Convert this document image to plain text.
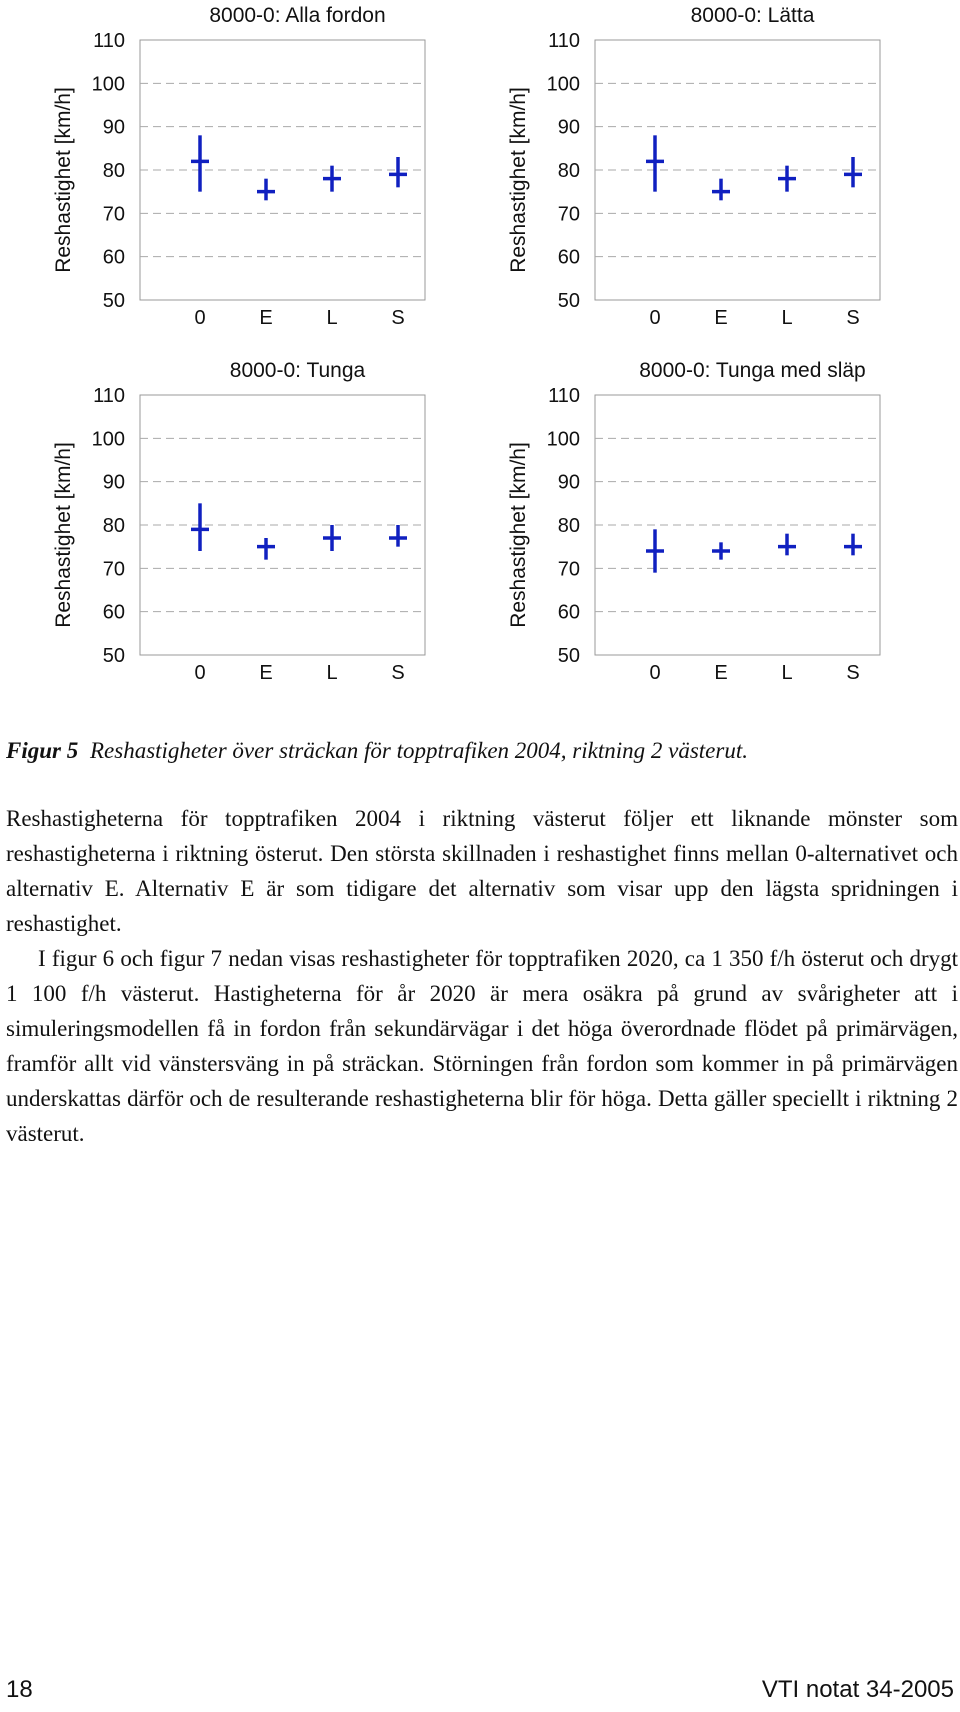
50
60
70
80
90
100
110
0	E	L	S
8000-0: Alla fordon
Reshastighet [km/h]
50
60
70
80
90
100
110
0	E	L	S
8000-0: Lätta
Reshastighet [km/h]
50
60
70
80
90
100
110
0	E	L	S
8000-0: Tunga
Reshastighet [km/h]
50
60
70
80
90
100
110
0	E	L	S
8000-0: Tunga med släp
Reshastighet [km/h]
Figur 5 Reshastigheter över sträckan för topptrafiken 2004, riktning 2 västerut.

Reshastigheterna för topptrafiken 2004 i riktning västerut följer ett liknande mönster som reshastigheterna i riktning österut. Den största skillnaden i reshastighet finns mellan 0-alternativet och alternativ E. Alternativ E är som tidigare det alternativ som visar upp den lägsta spridningen i reshastighet.

I figur 6 och figur 7 nedan visas reshastigheter för topptrafiken 2020, ca 1 350 f/h österut och drygt 1 100 f/h västerut. Hastigheterna för år 2020 är mera osäkra på grund av svårigheter att i simuleringsmodellen få in fordon från sekundärvägar i det höga överordnade flödet på primärvägen, framför allt vid vänstersväng in på sträckan. Störningen från fordon som kommer in på primärvägen underskattas därför och de resulterande reshastigheterna blir för höga. Detta gäller speciellt i riktning 2 västerut.

18	VTI notat 34-2005
